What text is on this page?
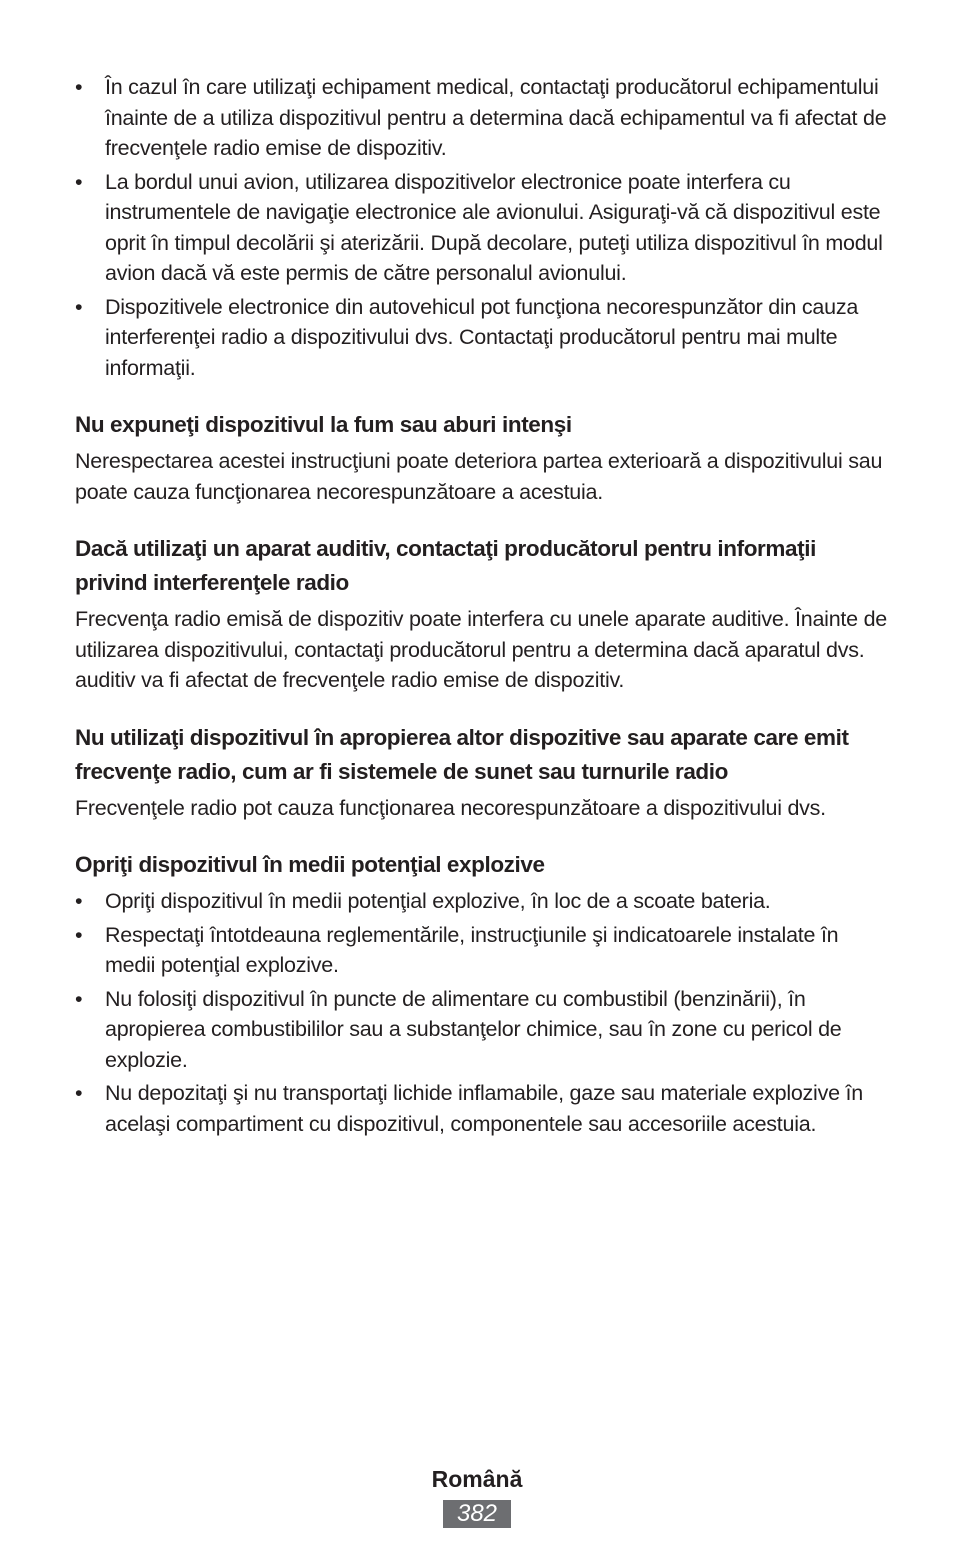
•	În cazul în care utilizaţi echipament medical, contactaţi producătorul echipamentului înainte de a utiliza dispozitivul pentru a determina dacă echipamentul va fi afectat de frecvenţele radio emise de dispozitiv.
•	La bordul unui avion, utilizarea dispozitivelor electronice poate interfera cu instrumentele de navigaţie electronice ale avionului. Asiguraţi-vă că dispozitivul este oprit în timpul decolării şi aterizării. După decolare, puteţi utiliza dispozitivul în modul avion dacă vă este permis de către personalul avionului.
•	Dispozitivele electronice din autovehicul pot funcţiona necorespunzător din cauza interferenţei radio a dispozitivului dvs. Contactaţi producătorul pentru mai multe informaţii.
Nu expuneţi dispozitivul la fum sau aburi intenşi

Nerespectarea acestei instrucţiuni poate deteriora partea exterioară a dispozitivului sau poate cauza funcţionarea necorespunzătoare a acestuia.

Dacă utilizaţi un aparat auditiv, contactaţi producătorul pentru informaţii privind interferenţele radio

Frecvenţa radio emisă de dispozitiv poate interfera cu unele aparate auditive. Înainte de utilizarea dispozitivului, contactaţi producătorul pentru a determina dacă aparatul dvs. auditiv va fi afectat de frecvenţele radio emise de dispozitiv.

Nu utilizaţi dispozitivul în apropierea altor dispozitive sau aparate care emit frecvenţe radio, cum ar fi sistemele de sunet sau turnurile radio

Frecvenţele radio pot cauza funcţionarea necorespunzătoare a dispozitivului dvs.

Opriţi dispozitivul în medii potenţial explozive
•	Opriţi dispozitivul în medii potenţial explozive, în loc de a scoate bateria.
•	Respectaţi întotdeauna reglementările, instrucţiunile şi indicatoarele instalate în medii potenţial explozive.
•	Nu folosiţi dispozitivul în puncte de alimentare cu combustibil (benzinării), în apropierea combustibililor sau a substanţelor chimice, sau în zone cu pericol de explozie.
•	Nu depozitaţi şi nu transportaţi lichide inflamabile, gaze sau materiale explozive în acelaşi compartiment cu dispozitivul, componentele sau accesoriile acestuia.
Română
382
